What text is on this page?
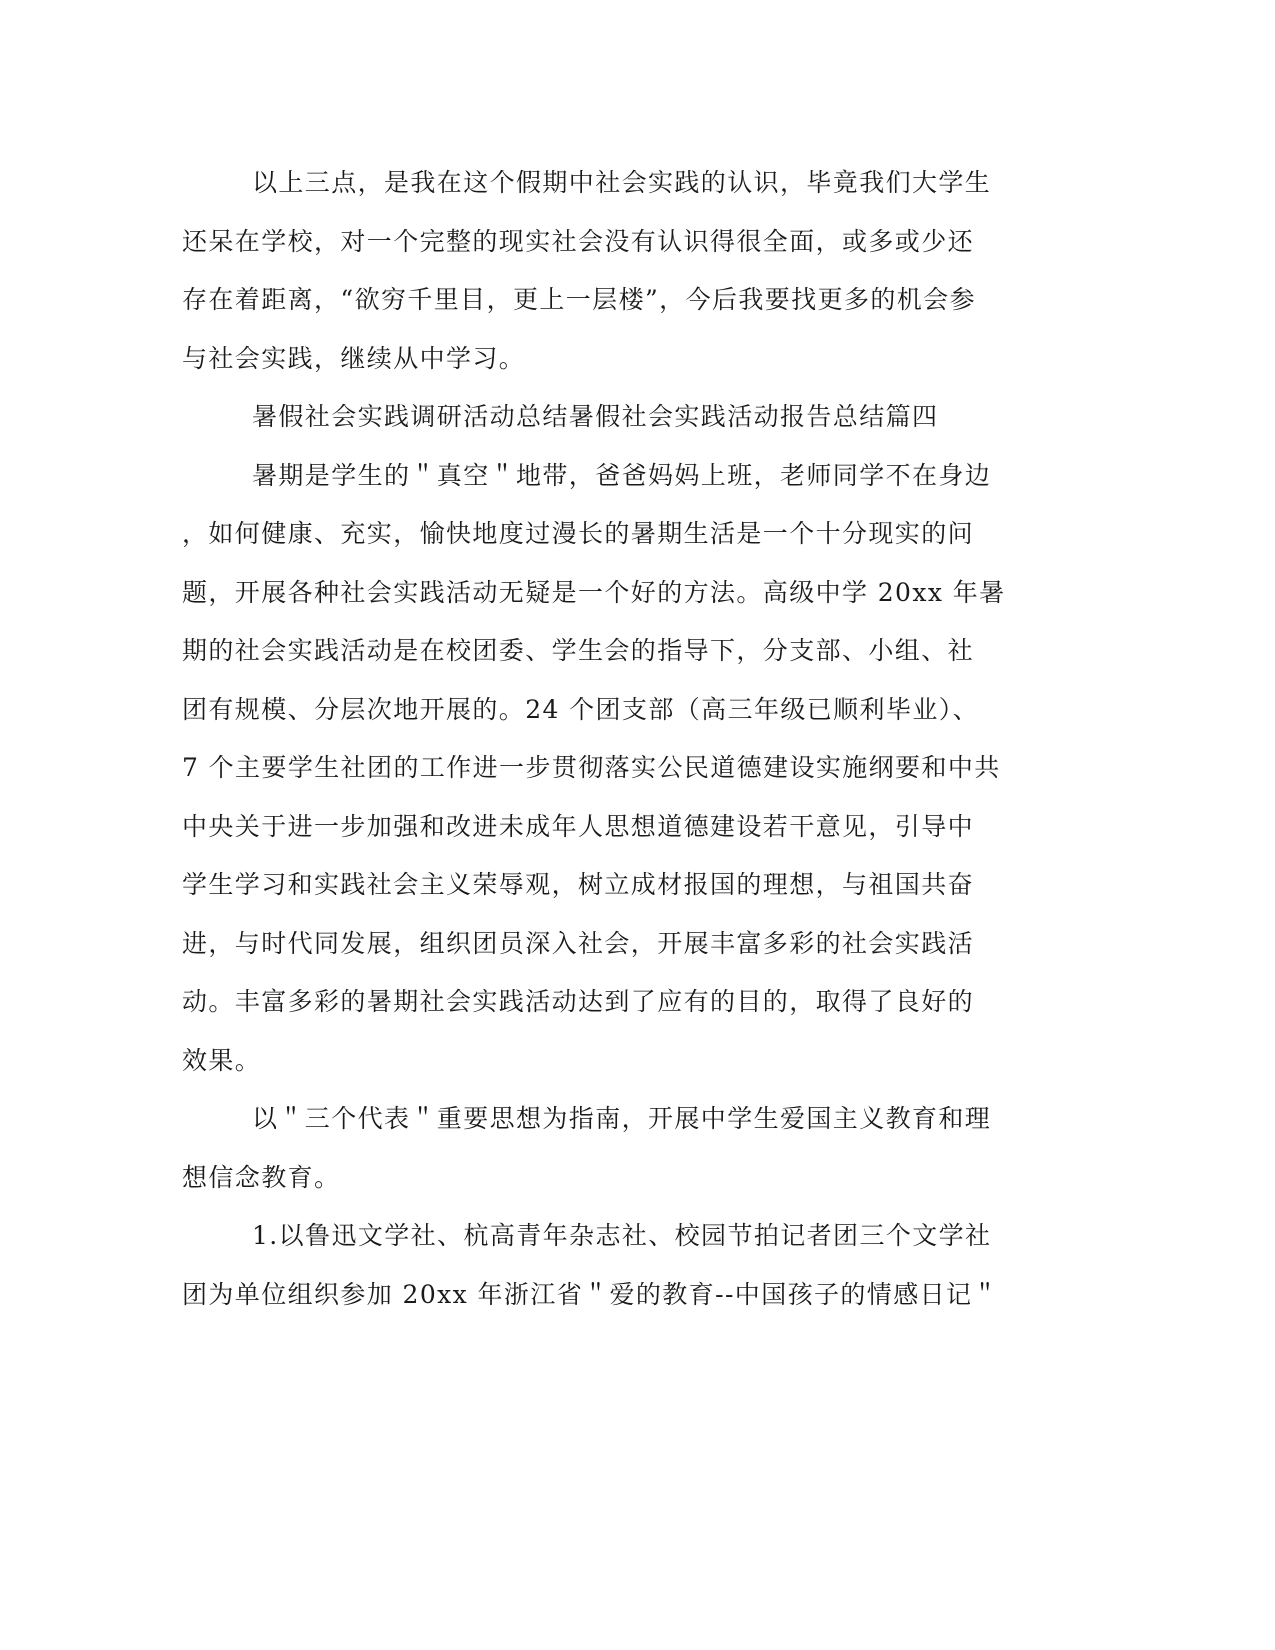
以上三点，是我在这个假期中社会实践的认识，毕竟我们大学生
还呆在学校，对一个完整的现实社会没有认识得很全面，或多或少还
存在着距离，“欲穷千里目，更上一层楼”，今后我要找更多的机会参
与社会实践，继续从中学习。
暑假社会实践调研活动总结暑假社会实践活动报告总结篇四
暑期是学生的＂真空＂地带，爸爸妈妈上班，老师同学不在身边
，如何健康、充实，愉快地度过漫长的暑期生活是一个十分现实的问
题，开展各种社会实践活动无疑是一个好的方法。高级中学 20xx 年暑
期的社会实践活动是在校团委、学生会的指导下，分支部、小组、社
团有规模、分层次地开展的。24 个团支部（高三年级已顺利毕业）、
7 个主要学生社团的工作进一步贯彻落实公民道德建设实施纲要和中共
中央关于进一步加强和改进未成年人思想道德建设若干意见，引导中
学生学习和实践社会主义荣辱观，树立成材报国的理想，与祖国共奋
进，与时代同发展，组织团员深入社会，开展丰富多彩的社会实践活
动。丰富多彩的暑期社会实践活动达到了应有的目的，取得了良好的
效果。
以＂三个代表＂重要思想为指南，开展中学生爱国主义教育和理
想信念教育。
1.以鲁迅文学社、杭高青年杂志社、校园节拍记者团三个文学社
团为单位组织参加 20xx 年浙江省＂爱的教育--中国孩子的情感日记＂
